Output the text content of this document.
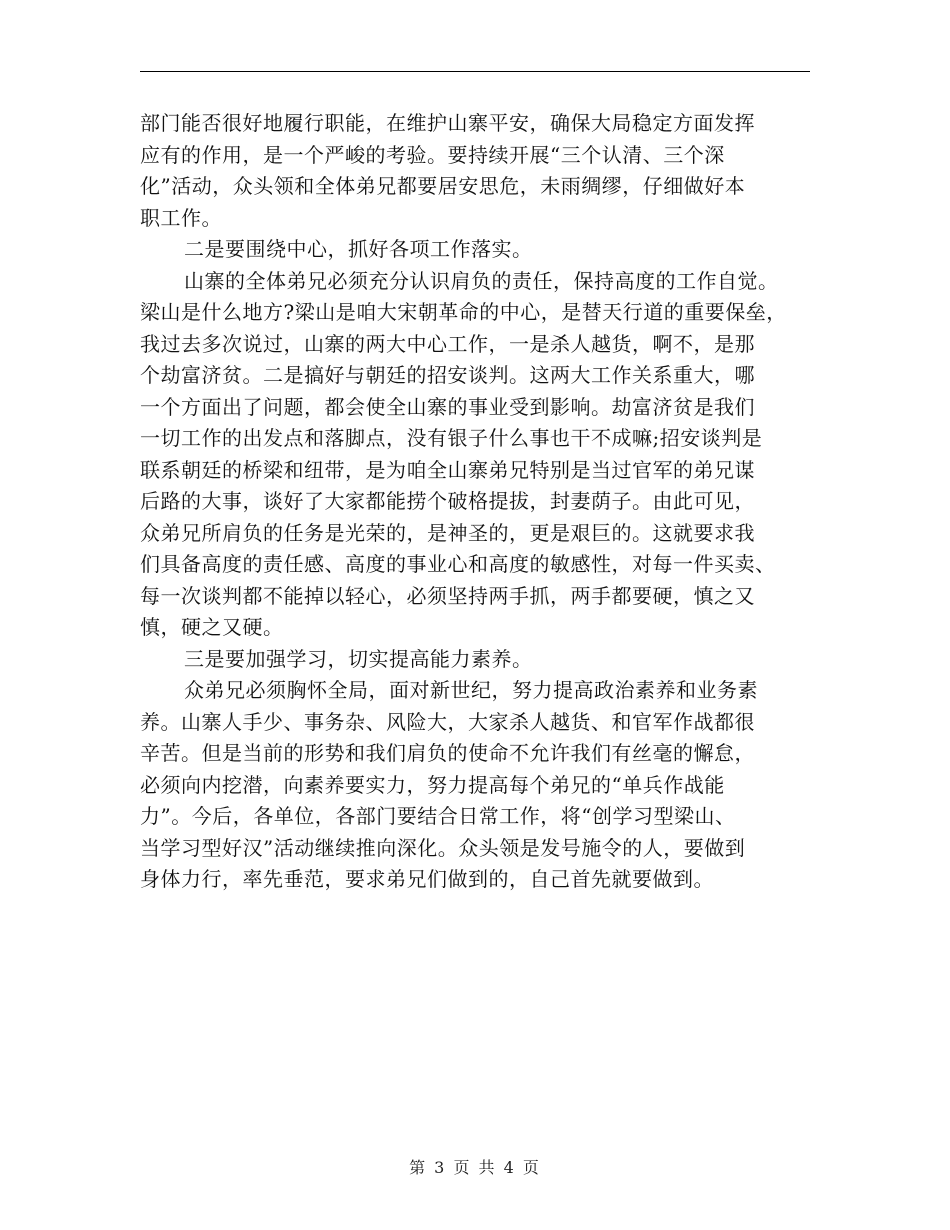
部门能否很好地履行职能，在维护山寨平安，确保大局稳定方面发挥
应有的作用，是一个严峻的考验。要持续开展“三个认清、三个深
化”活动，众头领和全体弟兄都要居安思危，未雨绸缪，仔细做好本
职工作。
二是要围绕中心，抓好各项工作落实。
山寨的全体弟兄必须充分认识肩负的责任，保持高度的工作自觉。
梁山是什么地方?梁山是咱大宋朝革命的中心，是替天行道的重要保垒，
我过去多次说过，山寨的两大中心工作，一是杀人越货，啊不，是那
个劫富济贫。二是搞好与朝廷的招安谈判。这两大工作关系重大，哪
一个方面出了问题，都会使全山寨的事业受到影响。劫富济贫是我们
一切工作的出发点和落脚点，没有银子什么事也干不成嘛;招安谈判是
联系朝廷的桥梁和纽带，是为咱全山寨弟兄特别是当过官军的弟兄谋
后路的大事，谈好了大家都能捞个破格提拔，封妻荫子。由此可见，
众弟兄所肩负的任务是光荣的，是神圣的，更是艰巨的。这就要求我
们具备高度的责任感、高度的事业心和高度的敏感性，对每一件买卖、
每一次谈判都不能掉以轻心，必须坚持两手抓，两手都要硬，慎之又
慎，硬之又硬。
三是要加强学习，切实提高能力素养。
众弟兄必须胸怀全局，面对新世纪，努力提高政治素养和业务素
养。山寨人手少、事务杂、风险大，大家杀人越货、和官军作战都很
辛苦。但是当前的形势和我们肩负的使命不允许我们有丝毫的懈怠，
必须向内挖潜，向素养要实力，努力提高每个弟兄的“单兵作战能
力”。今后，各单位，各部门要结合日常工作，将“创学习型梁山、
当学习型好汉”活动继续推向深化。众头领是发号施令的人，要做到
身体力行，率先垂范，要求弟兄们做到的，自己首先就要做到。
第 3 页 共 4 页
